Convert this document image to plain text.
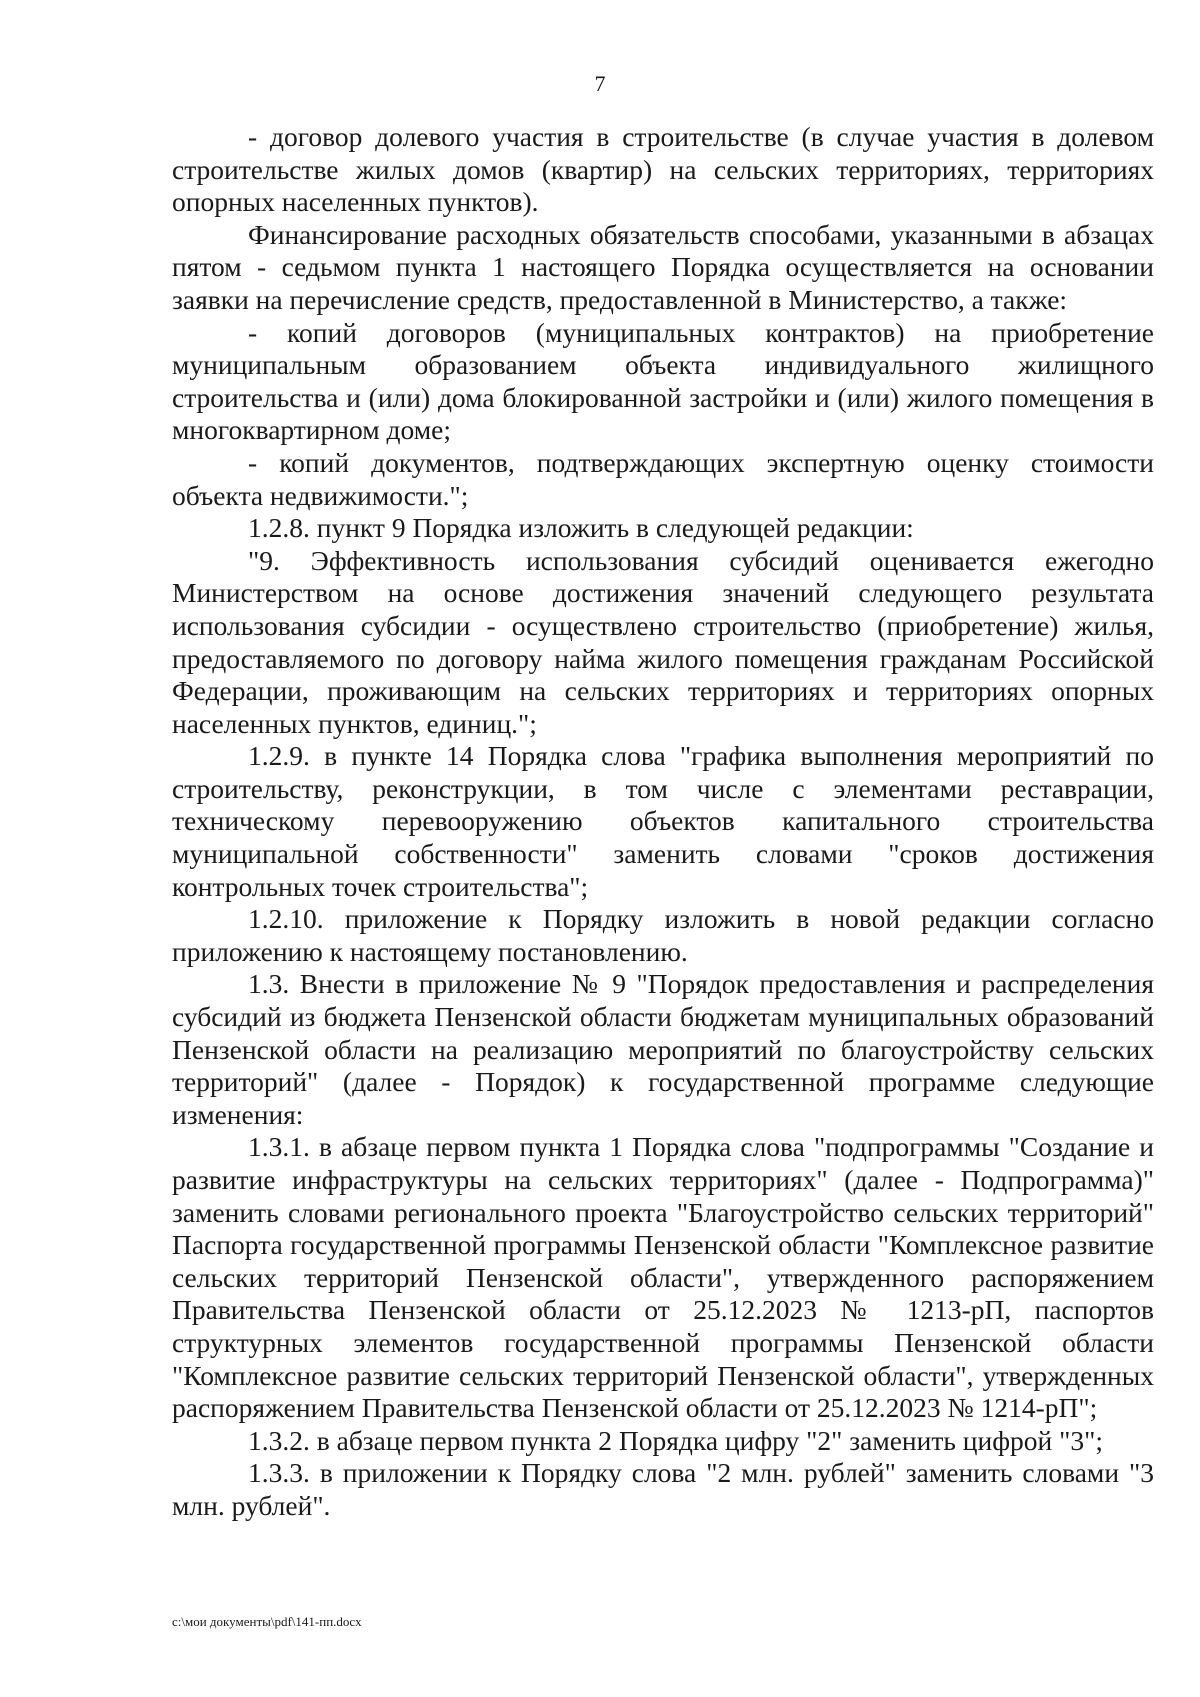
7

- договор долевого участия в строительстве (в случае участия в долевом строительстве жилых домов (квартир) на сельских территориях, территориях опорных населенных пунктов).

Финансирование расходных обязательств способами, указанными в абзацах пятом - седьмом пункта 1 настоящего Порядка осуществляется на основании заявки на перечисление средств, предоставленной в Министерство, а также:

- копий договоров (муниципальных контрактов) на приобретение муниципальным образованием объекта индивидуального жилищного строительства и (или) дома блокированной застройки и (или) жилого помещения в многоквартирном доме;

- копий документов, подтверждающих экспертную оценку стоимости объекта недвижимости.";

1.2.8. пункт 9 Порядка изложить в следующей редакции:

"9. Эффективность использования субсидий оценивается ежегодно Министерством на основе достижения значений следующего результата использования субсидии - осуществлено строительство (приобретение) жилья, предоставляемого по договору найма жилого помещения гражданам Российской Федерации, проживающим на сельских территориях и территориях опорных населенных пунктов, единиц.";

1.2.9. в пункте 14 Порядка слова "графика выполнения мероприятий по строительству, реконструкции, в том числе с элементами реставрации, техническому перевооружению объектов капитального строительства муниципальной собственности" заменить словами "сроков достижения контрольных точек строительства";

1.2.10. приложение к Порядку изложить в новой редакции согласно приложению к настоящему постановлению.

1.3. Внести в приложение № 9 "Порядок предоставления и распределения субсидий из бюджета Пензенской области бюджетам муниципальных образований Пензенской области на реализацию мероприятий по благоустройству сельских территорий" (далее - Порядок) к государственной программе следующие изменения:

1.3.1. в абзаце первом пункта 1 Порядка слова "подпрограммы "Создание и развитие инфраструктуры на сельских территориях" (далее - Подпрограмма)" заменить словами регионального проекта "Благоустройство сельских территорий" Паспорта государственной программы Пензенской области "Комплексное развитие сельских территорий Пензенской области", утвержденного распоряжением Правительства Пензенской области от 25.12.2023 № 1213-рП, паспортов структурных элементов государственной программы Пензенской области "Комплексное развитие сельских территорий Пензенской области", утвержденных распоряжением Правительства Пензенской области от 25.12.2023 № 1214-рП";

1.3.2. в абзаце первом пункта 2 Порядка цифру "2" заменить цифрой "3";

1.3.3. в приложении к Порядку слова "2 млн. рублей" заменить словами "3 млн. рублей".

c:\мои документы\pdf\141-пп.docx
